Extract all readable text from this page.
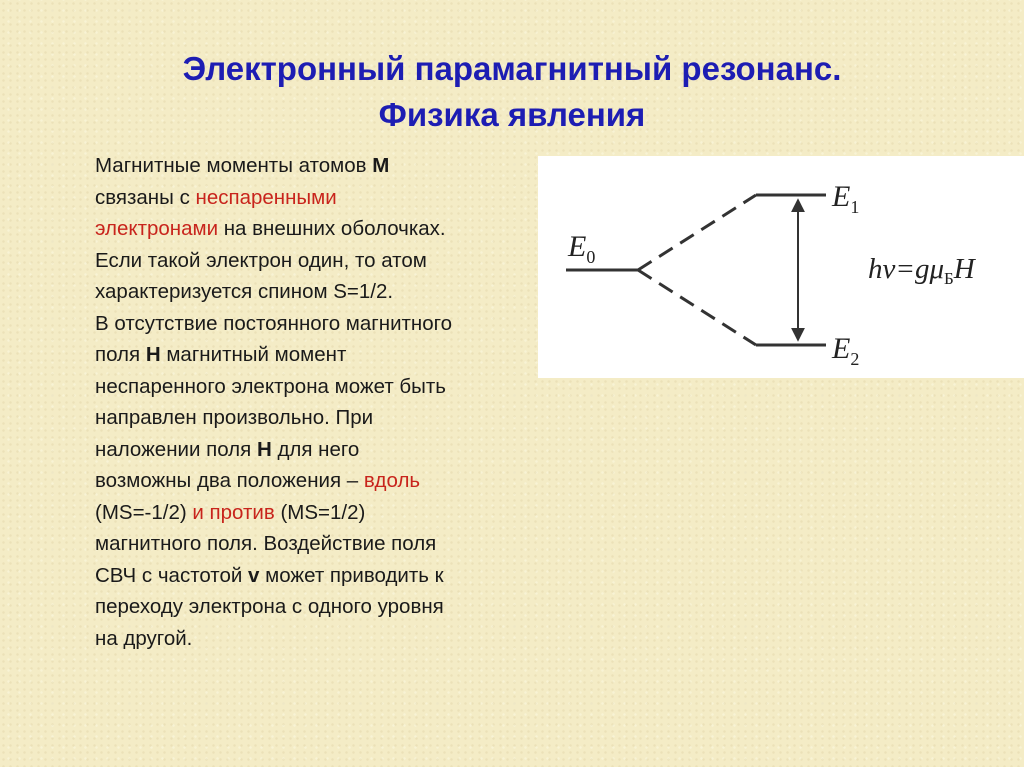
Электронный парамагнитный резонанс.
Физика явления
Магнитные моменты атомов М
связаны с неспаренными
электронами на внешних оболочках.
Если такой электрон один, то атом
характеризуется спином S=1/2.
В отсутствие постоянного магнитного
поля Н магнитный момент
неспаренного электрона может быть
направлен произвольно. При
наложении поля Н для него
возможны два положения – вдоль
(MS=-1/2) и против (MS=1/2)
магнитного поля. Воздействие поля
СВЧ с частотой v может приводить к
переходу электрона с одного уровня
на другой.
$E_0$
$E_1$
$E_2$
$h\nu=g\mu_БH$
